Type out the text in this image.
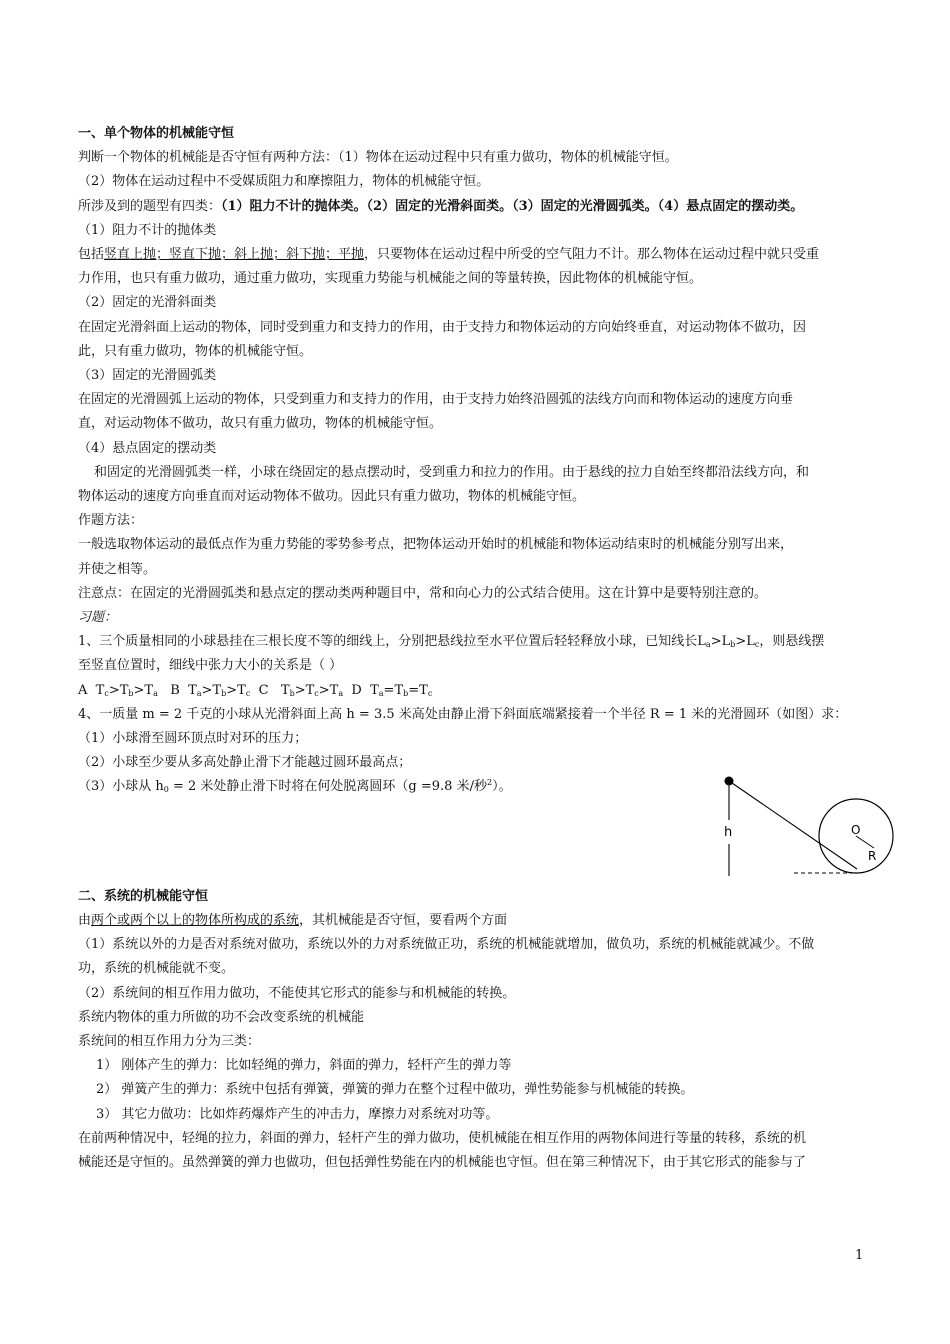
一、单个物体的机械能守恒
判断一个物体的机械能是否守恒有两种方法：（1）物体在运动过程中只有重力做功，物体的机械能守恒。
（2）物体在运动过程中不受媒质阻力和摩擦阻力，物体的机械能守恒。
所涉及到的题型有四类：（1）阻力不计的抛体类。（2）固定的光滑斜面类。（3）固定的光滑圆弧类。（4）悬点固定的摆动类。
（1）阻力不计的抛体类
包括竖直上抛；竖直下抛；斜上抛；斜下抛；平抛，只要物体在运动过程中所受的空气阻力不计。那么物体在运动过程中就只受重
力作用，也只有重力做功，通过重力做功，实现重力势能与机械能之间的等量转换，因此物体的机械能守恒。
（2）固定的光滑斜面类
在固定光滑斜面上运动的物体，同时受到重力和支持力的作用，由于支持力和物体运动的方向始终垂直，对运动物体不做功，因
此，只有重力做功，物体的机械能守恒。
（3）固定的光滑圆弧类
在固定的光滑圆弧上运动的物体，只受到重力和支持力的作用，由于支持力始终沿圆弧的法线方向而和物体运动的速度方向垂
直，对运动物体不做功，故只有重力做功，物体的机械能守恒。
（4）悬点固定的摆动类
和固定的光滑圆弧类一样，小球在绕固定的悬点摆动时，受到重力和拉力的作用。由于悬线的拉力自始至终都沿法线方向，和
物体运动的速度方向垂直而对运动物体不做功。因此只有重力做功，物体的机械能守恒。
作题方法：
一般选取物体运动的最低点作为重力势能的零势参考点，把物体运动开始时的机械能和物体运动结束时的机械能分别写出来，
并使之相等。
注意点：在固定的光滑圆弧类和悬点定的摆动类两种题目中，常和向心力的公式结合使用。这在计算中是要特别注意的。
习题：
1、三个质量相同的小球悬挂在三根长度不等的细线上，分别把悬线拉至水平位置后轻轻释放小球，已知线长$L_a>L_b>L_c$，则悬线摆
至竖直位置时，细线中张力大小的关系是（ ）
A  $T_c>T_b>T_a$   B  $T_a>T_b>T_c$  C   $T_b>T_c>T_a$  D  $T_a=T_b=T_c$
4、一质量 m = 2 千克的小球从光滑斜面上高 h = 3.5 米高处由静止滑下斜面底端紧接着一个半径 R = 1 米的光滑圆环（如图）求：
（1）小球滑至圆环顶点时对环的压力；
（2）小球至少要从多高处静止滑下才能越过圆环最高点；
（3）小球从 $h_0 = 2$ 米处静止滑下时将在何处脱离圆环（g =9.8 米/秒$^2$）。
二、系统的机械能守恒
由两个或两个以上的物体所构成的系统，其机械能是否守恒，要看两个方面
（1）系统以外的力是否对系统对做功，系统以外的力对系统做正功，系统的机械能就增加，做负功，系统的机械能就减少。不做
功，系统的机械能就不变。
（2）系统间的相互作用力做功，不能使其它形式的能参与和机械能的转换。
系统内物体的重力所做的功不会改变系统的机械能
系统间的相互作用力分为三类：
1） 刚体产生的弹力：比如轻绳的弹力，斜面的弹力，轻杆产生的弹力等
2） 弹簧产生的弹力：系统中包括有弹簧，弹簧的弹力在整个过程中做功，弹性势能参与机械能的转换。
3） 其它力做功：比如炸药爆炸产生的冲击力，摩擦力对系统对功等。
在前两种情况中，轻绳的拉力，斜面的弹力，轻杆产生的弹力做功，使机械能在相互作用的两物体间进行等量的转移，系统的机
械能还是守恒的。虽然弹簧的弹力也做功，但包括弹性势能在内的机械能也守恒。但在第三种情况下，由于其它形式的能参与了
h	O
R
1
